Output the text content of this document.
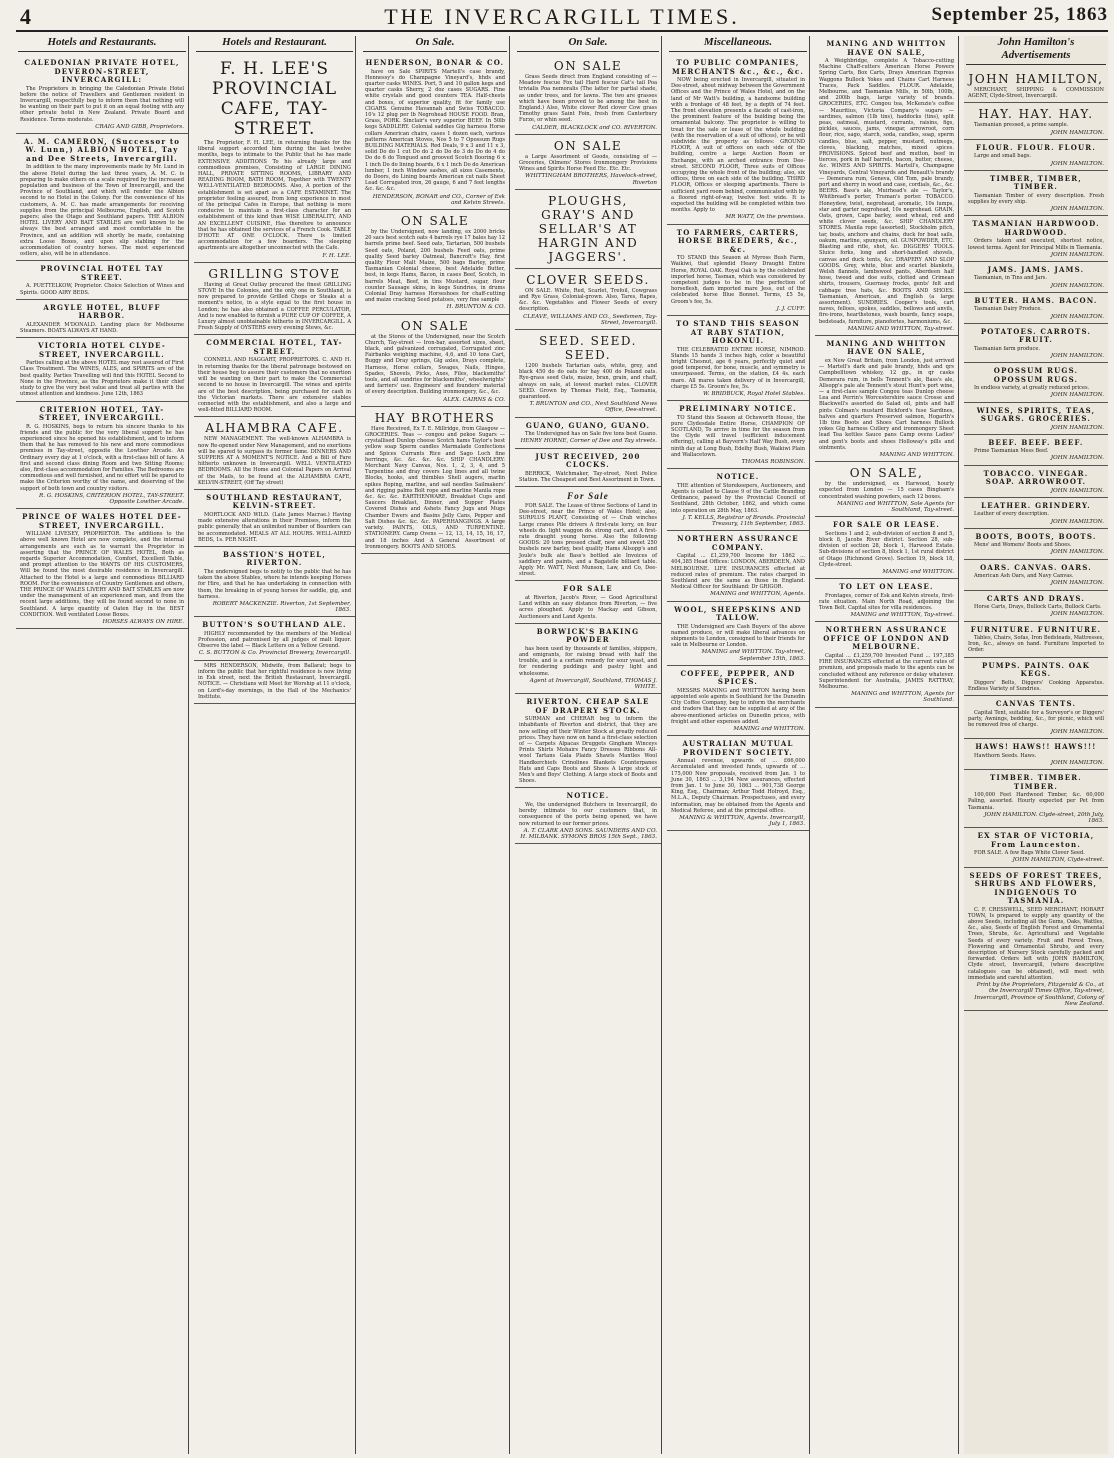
4	THE INVERCARGILL TIMES.	September 25, 1863
Hotels and Restaurants.
CALEDONIAN PRIVATE HOTEL, DEVERON-STREET, INVERCARGILL:
The Proprietors in bringing the Caledonian Private Hotel before the notice of Travellers and Gentlemen resident in Invercargill, respectfully beg to inform them that nothing will be wanting on their part to put it on an equal footing with any other private hotel in New Zealand. Private Board and Residence. Terms moderate.
CRAIG AND GIBB, Proprietors.
A. M. CAMERON, (Successor to W. Lunn,) ALBION HOTEL, Tay and Dee Streets, Invercargill.
In addition to the many improvements made by Mr. Lund in the above Hotel during the last three years, A. M. C. is preparing to make others on a scale required by the increased population and business of the Town of Invercargill, and the Province of Southland, and which will render the Albion second to no Hotel in the Colony. For the convenience of his customers, A. M. C. has made arrangements for receiving supplies from the principal Melbourne, English, and Scotch papers; also the Otago and Southland papers. THE ALBION HOTEL LIVERY AND BAIT STABLES are well known to be always the best arranged and most comfortable in the Province, and an addition will shortly be made, containing extra Loose Boxes, and upon slip stabling for the accommodation of country horses. The most experienced ostlers, also, will be in attendance.
PROVINCIAL HOTEL TAY STREET.
A. PUETTELKOW, Proprietor. Choice Selection of Wines and Spirits. GOOD AIRY BEDS.
ARGYLE HOTEL, BLUFF HARBOR.
ALEXANDER M'DONALD. Landing place for Melbourne Steamers. BOATS ALWAYS AT HAND.
VICTORIA HOTEL CLYDE-STREET, INVERCARGILL.
Parties calling at the above HOTEL may rest assured of First Class Treatment. The WINES, ALES, and SPIRITS are of the best quality. Parties Travelling will find this HOTEL Second to None in the Province, as the Proprietors make it their chief study to give the very best value and treat all parties with the utmost attention and kindness. June 12th, 1863
CRITERION HOTEL, TAY-STREET, INVERCARGILL.
R. G. HOSKINS, begs to return his sincere thanks to his friends and the public for the very liberal support he has experienced since he opened his establishment, and to inform them that he has removed to his new and more commodious premises in Tay-street, opposite the Lowther Arcade. An Ordinary every day at 1 o'clock, with a first-class bill of fare. A first and second class dining Room and two Sitting Rooms; also, first-class accommodation for Families. The Bedrooms are commodious and well furnished, and no effort will be spared to make the Criterion worthy of the name, and deserving of the support of both town and country visitors.
R. G. HOSKINS, CRITERION HOTEL, TAY-STREET. Opposite Lowther Arcade.
PRINCE OF WALES HOTEL DEE-STREET, INVERCARGILL.
WILLIAM LIVESEY, PROPRIETOR. The additions to the above well known Hotel are now complete, and the internal arrangements are such as to warrant the Proprietor in asserting that the PRINCE OF WALES HOTEL, Both as regards Superior Accommodation, Comfort, Excellent Table, and prompt attention to the WANTS OF HIS CUSTOMERS, Will be found the most desirable residence in Invercargill. Attached to the Hotel is a large and commodious BILLIARD ROOM. For the convenience of Country Gentlemen and others, THE PRINCE OF WALES LIVERY AND BAIT STABLES are now under the management of an experienced man, and from the recent large additions, they will be found second to none in Southland. A large quantity of Oaten Hay in the BEST CONDITION. Well ventilated Loose Boxes.
HORSES ALWAYS ON HIRE.
Hotels and Restaurant.
F. H. LEE'S PROVINCIAL CAFE, TAY-STREET.
The Proprietor, F. H. LEE, in returning thanks for the liberal support accorded him during the last twelve months, begs to intimate to the Public that he has made EXTENSIVE ADDITIONS To his already large and commodious premises, Consisting of LARGE DINING HALL, PRIVATE SITTING ROOMS, LIBRARY AND READING ROOM, BATH ROOM, Together with TWENTY WELL-VENTILATED BEDROOMS. Also, A portion of the establishment is set apart as a CAFE ESTAMINET. The proprietor feeling assured, from long experience in most of the principal Cafes in Europe, that nothing is more conducive to maintain a first-class character for an establishment of this kind than WISE LIBERALITY, AND AN EXCELLENT CUISINE, Has therefore to announce that he has obtained the services of a French Cook. TABLE D'HOTE AT ONE O'CLOCK. There is limited accommodation for a few boarders. The sleeping apartments are altogether unconnected with the Cafe.
F. H. LEE.
GRILLING STOVE
Having at Great Outlay procured the finest GRILLING STOVE In the Colonies, and the only one in Southland, is now prepared to provide Grilled Chops or Steaks at a moment's notice, in a style equal to the first house in London; he has also obtained a COFFEE PERCULATOR, And is now enabled to furnish a PURE CUP OF COFFEE, A Luxury almost unobtainable hitherto in INVERCARGILL. A Fresh Supply of OYSTERS every evening Stews, &c.
COMMERCIAL HOTEL, TAY-STREET.
CONNELL AND HAGGART, PROPRIETORS. C. AND H. in returning thanks for the liberal patronage bestowed on their house beg to assure their customers that no exertion will be wanting on their part to make the Commercial second to no house in Invercargill. The wines and spirits are of the best description, being purchased for cash in the Victorian markets. There are extensive stables connected with the establishment, and also a large and well-fitted BILLIARD ROOM.
ALHAMBRA CAFE.
NEW MANAGEMENT. The well-known ALHAMBRA is now Re-opened under New Management, and no exertions will be spared to surpass its former fame. DINNERS AND SUPPERS AT A MOMENT'S NOTICE. And a Bill of Fare hitherto unknown in Invercargill. WELL VENTILATED BEDROOMS. All the Home and Colonial Papers on Arrival of the Mails, to be found at the ALHAMBRA CAFE, KELVIN-STREET, (Off Tay street)
SOUTHLAND RESTAURANT, KELVIN-STREET.
MORTLOCK AND WILD. (Late James Macrae.) Having made extensive alterations in their Premises, inform the public generally that an unlimited number of Boarders can be accommodated. MEALS AT ALL HOURS. WELL-AIRED BEDS, 1s. PER NIGHT.
BASSTION'S HOTEL, RIVERTON.
The undersigned begs to notify to the public that he has taken the above Stables, where he intends keeping Horses for Hire, and that he has undertaking in connection with them, the breaking in of young horses for saddle, gig, and harness.
ROBERT MACKENZIE. Riverton, 1st September, 1863.
BUTTON'S SOUTHLAND ALE.
HIGHLY recommended by the members of the Medical Profession, and patronised by all judges of malt liquor. Observe the label — Black Letters on a Yellow Ground.
C. S. BUTTON & Co. Provincial Brewery, Invercargill.
MRS HENDERSON, Midwife, from Ballarat; begs to inform the public that her rightful residence is now living in Esk street, next the British Restaurant, Invercargill. NOTICE. — Christians will Meet for Worship at 11 o'clock, on Lord's-day mornings, in the Hall of the Mechanics' Institute.
On Sale.
HENDERSON, BONAR & CO.
have on Sale SPIRITS Martell's case brandy, Hennessy's do Champagne Vineyard's, hhds and quarter casks WINES. Port, 5 and 10 gallon kegs and quarter casks Sherry, 2 doz cases SUGARS. Fine white crystals and good counters TEA. Half-chests and boxes, of superior quality, fit for family use CIGARS. Genuine Havannah and Swiss TOBACCO. 10's 12 plug per lb Negrohead HOUSE FOOD. Bran, Grass, PORK. Sinclair's very superior BEEF. In 50lb kegs SADDLERY. Colonial saddles Gig harness Horse collars American chairs, cases 1 dozen each, various patterns American Stoves, Nos 5 to 7 Opossum Rugs BUILDING MATERIALS. Red Deals, 9 x 3 and 11 x 3, solid Do do 1 cut Do do 2 do Do do 3 do Do do 4 do Do do 6 do Tongued and grooved Scotch flooring 6 x 1 inch Do do lining boards, 6 x 1 inch Do do American lumber, 1 inch Window sashes, all sizes Casements, do Doors, do Lining boards American cut nails Sheet Lead Corrugated iron, 26 gauge, 6 and 7 feet lengths &c. &c. &c.
HENDERSON, BONAR and CO., Corner of Esk and Kelvin Streets.
ON SALE
by the Undersigned, now landing, ex 2000 bricks 20 sacs best scotch oats 4 barrels rye 17 bales hay 12 barrels prime beef. Seed oats, Tartarian, 500 bushels Seed oats, Poland, 200 bushels Feed oats, prime quality Seed barley Oatmeal, Bancroft's Hay, first quality Flour Malt Maize, 500 bags Barley, prime Tasmanian Colonial cheese, best Adelaide Butter, best, in kegs Hams, Bacon, in cases Beef, Scotch, in barrels Meat, Beef, in tins Mustard, sugar, flour counter Sausage skins, in kegs Sundries, in drums Colonial Dray harness Horseshoes for chaff-cutting and maize cracking Seed potatoes, very fine sample
H. BRUNTON & CO.
ON SALE
at the Stores of the Undersigned, near the Scotch Church, Tay-street — Iron-bar, assorted sizes, sheet, black, and galvanized corrugated, Corrugated zinc Fairbanks weighing machine, 4,6, and 10 tons Cart, Buggy and Dray springs, Gig axles, Drays complete, Harness, Horse collars, Swages, Nails, Hinges, Spades, Shovels, Picks, Axes, Files, blacksmiths' tools, and all sundries for blacksmiths', wheelwrights' and farriers' use. Engineers' and founders' material of every description. Building ironmongery, &c., &c.
ALEX. CAIRNS & CO.
HAY BROTHERS
Have Received, Ex T. E. Millridge, from Glasgow — GROCERIES. Teas — congou and pekoe Sugars — crystallised Dunlop cheese Scotch hams Taylor's best yellow soap Sperm candles Marmalade Confections and Spices Currants Rice and Sago Loch fine herrings, &c. &c. &c. &c. SHIP CHANDLERY: Merchant Navy Canvas, Nos. 1, 2, 3, 4, and 5 Turpentine and dray covers Log lines and all twine Blocks, hooks, and thimbles Shell augers, marlin spikes Roping, marline, and sail needles Sailmakers' and rigging palms Bolt rope and marline Manila rope &c. &c. &c. EARTHENWARE. Breakfast Cups and Saucers Breakfast, Dinner, and Supper Plates Covered Dishes and Ashets Fancy Jugs and Mugs Chamber Ewers and Basins Jelly Cans, Pepper and Salt Dishes &c. &c. &c. PAPERHANGINGS. A large variety. PAINTS, OILS, AND TURPENTINE. STATIONERY. Camp Ovens — 12, 13, 14, 15, 16, 17, and 18 inches And A General Assortment of Ironmongery. BOOTS AND SHOES.
On Sale.
ON SALE
Grass Seeds direct from England consisting of — Meadow fescue Fox tail Hard fescue Cat's tail Poa trivialis Poa nemoralis (The latter for partial shade, as under trees, and for lawns. The two are grasses which have been proved to be among the best in England.) Also, White clover Red clover Cow grass Timothy grass Saint Foin, fresh from Canterbury Furze, or whin seed.
CALDER, BLACKLOCK and CO. RIVERTON.
ON SALE
a Large Assortment of Goods, consisting of — Groceries, Oilmens' Stores Ironmongery Provisions Wines and Spirits Horse Feed Etc. Etc. Etc.
WHITTINGHAM BROTHERS, Havelock-street, Riverton
PLOUGHS, GRAY'S AND SELLAR'S AT HARGIN AND JAGGERS'.
CLOVER SEEDS.
ON SALE. White, Red, Scarlet, Trefoil, Cowgrass and Rye Grass, Colonial-grown. Also, Tares, Rapes, &c. &c. Vegetables and Flower Seeds of every description.
CLEAVE, WILLIAMS AND CO., Seedsmen, Tay-Street, Invercargill.
SEED. SEED. SEED.
1200 bushels Tartarian oats, white, grey, and black 450 do do oats for hay 400 do Poland oats. Rye-grass seed Oats, maize, bran, grain, and chaff, always on sale, at lowest market rates. CLOVER SEED. Grown by Thomas Field, Esq., Tasmania, guaranteed.
T. BRUNTON and CO., Next Southland News Office, Dee-street.
GUANO, GUANO, GUANO.
The Undersigned has on Sale five tons best Guano.
HENRY HORNE, Corner of Dee and Tay streets.
JUST RECEIVED, 200 CLOCKS.
BERRICK, Watchmaker, Tay-street, Next Police Station. The Cheapest and Best Assortment in Town.
For Sale
FOR SALE. The Lease of three Sections of Land in Dee-street, near the Prince of Wales Hotel; also, SURPLUS PLANT, Consisting of — Crab winches Large cranes Pile drivers A first-rate lorry, on four wheels do. light waggon do. strong cart, and A first-rate draught young horse. Also the following GOODS: 20 tons pressed chaff, new and sweet 250 bushels new barley, best quality Hams Allsopp's and Joule's bulk ale Bass's bottled ale Invoices of saddlery and paints, and a Bagatelle billiard table. Apply Mr. WATT, Next Munson, Law, and Co, Dee-street.
FOR SALE
at Riverton, Jacob's River, — Good Agricultural Land within an easy distance from Riverton, — five acres ploughed. Apply to Mackay and Gibson, Auctioneers and Land Agents.
BORWICK'S BAKING POWDER
has been used by thousands of families, shippers, and emigrants, for raising bread with half the trouble, and is a certain remedy for sour yeast, and for rendering puddings and pastry light and wholesome.
Agent at Invercargill, Southland, THOMAS J. WHITE.
RIVERTON. CHEAP SALE OF DRAPERY STOCK.
SURMAN and CHERAR beg to inform the inhabitants of Riverton and district, that they are now selling off their Winter Stock at greatly reduced prices. They have now on hand a first-class selection of — Carpets Alpacas Druggets Gingham Winceys Prints Shirts Mohairs Fancy Dresses Ribbons All-wool Tartans Gala Plaids Shawls Mantles Wool Handkerchiefs Crinolines Blankets Counterpanes Hats and Caps Boots and Shoes A large stock of Men's and Boys' Clothing. A large stock of Boots and Shoes.
NOTICE.
We, the undersigned Butchers in Invercargill, do hereby intimate to our customers that, in consequence of the ports being opened, we have now returned to our former prices.
A. T. CLARK AND SONS. SAUNDERS AND CO. H. MILBANK. SYMONS BROS 15th Sept., 1863.
Miscellaneous.
TO PUBLIC COMPANIES, MERCHANTS &c., &c., &c.
NOW being erected in Invercargill, situated in Dee-street, about midway between the Government Offices and the Prince of Wales Hotel, and on the land of Mr Watt's building, a handsome building with a frontage of 48 feet, by a depth of 74 feet. The front elevation presents a facade of cast-iron, the prominent feature of the building being the ornamental balcony. The proprietor is willing to treat for the sale or lease of the whole building (with the reservation of a suit of offices), or he will subdivide the property as follows: GROUND FLOOR, A suit of offices on each side of the building, centre a large Auction Room or Exchange, with an arched entrance from Dee-street. SECOND FLOOR, Three suits of Offices occupying the whole front of the building; also, six offices, three on each side of the building. THIRD FLOOR, Offices or sleeping apartments. There is sufficient yard room behind, communicated with by a floored right-of-way, twelve feet wide. It is expected the building will be completed within two months. Apply to
MR WATT, On the premises.
TO FARMERS, CARTERS, HORSE BREEDERS, &c., &c.
TO STAND this Season at Myross Bush Farm, Waikiwi, that splendid Heavy Draught Entire Horse, ROYAL OAK. Royal Oak is by the celebrated imported horse, Tasman, which was considered by competent judges to be in the perfection of horseflesh, dam imported mare Jess, out of the celebrated horse Blue Bonnet. Terms, £5 5s, Groom's fee, 5s.
J. J. CUFF.
TO STAND THIS SEASON AT RABY STATION, HOKONUI.
THE CELEBRATED ENTIRE HORSE, NIMROD. Stands 15 hands 3 inches high, color a beautiful bright Chesnut, age 6 years, perfectly quiet and good tempered, for bone, muscle, and symmetry is unsurpassed. Terms, on the station, £4 4s. each mare. All mares taken delivery of in Invercargill, charge £5 5s. Groom's fee, 5s.
W. BRIDBUCK, Royal Hotel Stables.
PRELIMINARY NOTICE.
TO Stand this Season at Ochsworth House, the pure Clydesdale Entire Horse, CHAMPION OF SCOTLAND, To arrive in time for the season from the Clyde will travel (sufficient inducement offering), calling at Bayvern's Half Way Bush, every ninth day at Long Bush, Edelhy Bush, Waikiwi Plain and Wallacetown.
THOMAS ROBINSON.
NOTICE.
THE attention of Storekeepers, Auctioneers, and Agents is called to Clause 9 of the Cattle Branding Ordinance, passed by the Provincial Council of Southland, 28th October, 1862, and which came into operation on 28th May, 1863.
J. T. KELLS, Registrar of Brands. Provincial Treasury, 11th September, 1863.
NORTHERN ASSURANCE COMPANY.
Capital ... £1,259,700 Income for 1862 ... 404,385 Head Offices: LONDON, ABERDEEN, AND MELBOURNE. LIFE INSURANCES effected at reduced rates of premium. The rates charged in Southland are the same as those in England. Medical Officer for Southland: Dr GRIGOR.
MANING and WHITTON, Agents.
WOOL, SHEEPSKINS AND TALLOW.
THE Undersigned are Cash Buyers of the above named produce, or will make liberal advances on shipments to London, consigned to their friends for sale in Melbourne or London.
MANING and WHITTON. Tay-street, September 15th, 1863.
COFFEE, PEPPER, AND SPICES.
MESSRS MANING and WHITTON having been appointed sole agents in Southland for the Dunedin City Coffee Company, beg to inform the merchants and traders that they can be supplied at any of the above-mentioned articles on Dunedin prices, with freight and other expenses added.
MANING and WHITTON.
AUSTRALIAN MUTUAL PROVIDENT SOCIETY.
Annual revenue, upwards of ... £66,000 Accumulated and invested funds, upwards of ... 175,000 New proposals, received from Jan. 1 to June 30, 1863 ... 3,194 New assurances, effected from Jan. 1 to June 30, 1863 ... 901,738 George King, Esq., Chairman; Arthur Todd Holroyd, Esq., M.L.A., Deputy Chairman. Prospectuses, and every information, may be obtained from the Agents and Medical Referee, and at the principal office.
MANING & WHITTON, Agents. Invercargill, July 1, 1863.
MANING AND WHITTON HAVE ON SALE,
A Weighbridge, complete A Tobacco-cutting Machine Chaff-cutters American Horse Powers Spring Carts, Box Carts, Drays American Express Waggons Bullock Yokes and Chains Cart Harness Traces, Pack Saddles. FLOUR. Adelaide, Melbourne, and Tasmanian Mills, in 50lb, 100lb, and 200lb bags, large variety of brands. GROCERIES, ETC. Congou tea, McKenzie's coffee — Mauritius, Victoria Company's sugars — sardines, salmon (1lb tins), haddocks (tins), split peas, oatmeal, mustard, currants, raisins, figs, pickles, sauces, jams, vinegar, arrowroot, corn flour, rice, sago, starch, soda, candles, soap, sperm candles, blue, salt, pepper, mustard, nutmegs, cloves, blacking, matches, mixed spices. PROVISIONS. Spiced beef and mutton, beef in tierces, pork in half barrels, bacon, butter, cheese, &c. WINES AND SPIRITS. Martell's, Champagne Vineyards, Central Vineyards and Renault's brandy — Demerara rum, Geneva, Old Tom, pale brandy, port and sherry in wood and case, cordials, &c., &c. BEERS. Bass's ale, Muirhead's ale — Taylor's, Whitbread's porter, Truman's porter. TOBACCO. Honeydew, twist, negrohead, aromatic, 10s lumps, star and garter negrohead, 10s negrohead. GRAIN. Oats, grown, Cape barley, seed wheat, red and white clover seeds, &c. SHIP CHANDLERY STORES. Manila rope (assorted), Stockholm pitch, tar, boats, anchors and chains, duck for boat sails, oakum, marline, spunyarn, oil. GUNPOWDER, ETC. Blasting and rifle, shot, &c. DIGGERS' TOOLS. Sluice forks, long and short-handled shovels, canvas and duck tents, &c. DRAPERY AND SLOP GOODS. Grey, white, blue and scarlet blankets, Welsh flannels, lambswool pants, Aberdeen half hose, tweed and doe suits, clotted and Crimean shirts, trousers, Guernsey frocks, gents' felt and cabbage tree hats, &c. BOOTS AND SHOES. Tasmanian, American, and English (a large assortment). SUNDRIES. Cooper's tools, cart naves, felloes, spokes, saddles, bellows and anvils, fire-irons, hearthstones, wash boards, fancy soaps, bedsteads, furniture, pianofortes, harmoniums, &c.
MANING AND WHITTON, Tay-street.
MANING AND WHITTON HAVE ON SALE,
ex New Great Britain, from London, just arrived — Martell's dark and pale brandy, hhds and qrs Campbelltown whiskey, 12 gp., in qr casks Demerara rum, in bells Tennent's ale, Bass's ale, Allsopp's pale ale Tennent's stout Hunt's port wine, — a first-class sample Congou teas Dunlop cheese Lea and Perrin's Worcestershire sauce Crosse and Blackwell's assorted do Salad oil, pints and half pints Colman's mustard Bickford's fuse Sardines, halves and quarters Preserved salmon, Hogarth's 1lb tins Boots and Shoes Cart harness Bullock yokes Gig harness Cutlery and ironmongery Sheet lead Tea kettles Sauce pans Camp ovens Ladies' and gent's boots and shoes Holloway's pills and ointments.
MANING AND WHITTON.
ON SALE,
by the undersigned, ex Harwood, hourly expected from London — 15 cases Bingham's concentrated washing powders, each 12 boxes.
MANING and WHITTON, Sole Agents for Southland, Tay-street.
FOR SALE OR LEASE.
Sections 1 and 2, sub-division of section 8 and 5, block 8, Jacobs River district. Section 28, sub-division of section 28, block 1, Harwood Estate. Sub-divisions of section 8, block 1, 1st rural district of Otago (Richmond Grove). Section 19, block 18, Clyde-street.
MANING and WHITTON.
TO LET ON LEASE.
Frontages, corner of Esk and Kelvin streets, first-rate situation. Main North Road, adjoining the Town Belt. Capital sites for villa residences.
MANING and WHITTON, Tay-street.
NORTHERN ASSURANCE OFFICE OF LONDON AND MELBOURNE.
Capital ... £1,259,700 Invested Fund ... 197,385 FIRE INSURANCES effected at the current rates of premium, and proposals made to the agents can be concluded without any reference or delay whatever. Superintendent for Australia, JAMES RATTRAY, Melbourne.
MANING and WHITTON, Agents for Southland.
John Hamilton's Advertisements
JOHN HAMILTON,
MERCHANT, SHIPPING & COMMISSION AGENT, Clyde-Street, Invercargill.
HAY. HAY. HAY.
Tasmanian pressed, a prime sample.
JOHN HAMILTON.
FLOUR. FLOUR. FLOUR.
Large and small bags.
JOHN HAMILTON.
TIMBER, TIMBER, TIMBER.
Tasmanian Timber of every description. Fresh supplies by every ship.
JOHN HAMILTON.
TASMANIAN HARDWOOD. HARDWOOD.
Orders taken and executed, shortest notice, lowest terms. Agent for Principal Mills in Tasmania.
JOHN HAMILTON.
JAMS. JAMS. JAMS.
Tasmanian, in Tins and Jars.
JOHN HAMILTON.
BUTTER. HAMS. BACON.
Tasmanian Dairy Produce.
JOHN HAMILTON.
POTATOES. CARROTS. FRUIT.
Tasmanian farm produce.
JOHN HAMILTON.
OPOSSUM RUGS. OPOSSUM RUGS.
In endless variety, at greatly reduced prices.
JOHN HAMILTON.
WINES, SPIRITS, TEAS, SUGARS. GROCERIES.
JOHN HAMILTON.
BEEF. BEEF. BEEF.
Prime Tasmanian Mess Beef.
JOHN HAMILTON.
TOBACCO. VINEGAR. SOAP. ARROWROOT.
JOHN HAMILTON.
LEATHER. GRINDERY.
Leather of every description.
JOHN HAMILTON.
BOOTS, BOOTS, BOOTS.
Mens' and Womens' Boots and Shoes.
JOHN HAMILTON.
OARS. CANVAS. OARS.
American Ash Oars, and Navy Canvas.
JOHN HAMILTON.
CARTS AND DRAYS.
Horse Carts, Drays, Bullock Carts, Bullock Carts.
JOHN HAMILTON.
FURNITURE. FURNITURE.
Tables, Chairs, Sofas, Iron Bedsteads, Mattresses, Iron, &c., always on hand. Furniture Imported to Order.
PUMPS. PAINTS. OAK KEGS.
Diggers' Belts, Diggers' Cooking Apparatus. Endless Variety of Sundries.
CANVAS TENTS.
Capital Tent, suitable for a Surveyor's or Diggers' party, Awnings, bedding, &c., for picnic, which will be removed free of charge.
JOHN HAMILTON.
HAWS! HAWS!! HAWS!!!
Hawthorn Seeds. Haws.
JOHN HAMILTON.
TIMBER. TIMBER. TIMBER.
100,000 Feet Hardwood Timber, &c. 60,000 Paling, assorted. Hourly expected per Pet from Tasmania.
JOHN HAMILTON. Clyde-street, 20th July, 1863.
EX STAR OF VICTORIA, From Launceston.
FOR SALE. A few Bags White Clover Seed.
JOHN HAMILTON, Clyde-street.
SEEDS OF FOREST TREES, SHRUBS AND FLOWERS, INDIGENOUS TO TASMANIA.
C. F. CRESSWELL, SEED MERCHANT, HOBART TOWN, Is prepared to supply any quantity of the above Seeds, including all the Gums, Oaks, Wattles, &c., also, Seeds of English Forest and Ornamental Trees, Shrubs, &c. Agricultural and Vegetable Seeds of every variety. Fruit and Forest Trees, Flowering and Ornamental Shrubs, and every description of Nursery Stock carefully packed and forwarded. Orders left with JOHN HAMILTON, Clyde street, Invercargill, (where descriptive catalogues can be obtained), will meet with immediate and careful attention.
Print by the Proprietors, Fitzgerald & Co., at the Invercargill Times Office, Tay-street, Invercargill, Province of Southland, Colony of New Zealand.
